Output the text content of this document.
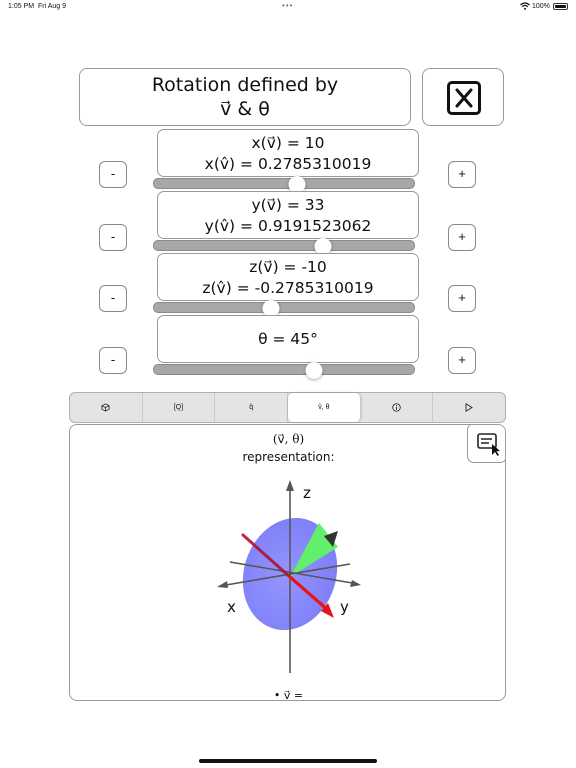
1:05 PM Fri Aug 9	•••	100%
Rotation defined by
v⃗ & θ
x(v⃗) = 10
x(v̂) = 0.2785310019
-	+
y(v⃗) = 33
y(v̂) = 0.9191523062
-	+
z(v⃗) = -10
z(v̂) = -0.2785310019
-	+
θ = 45°
-	+
[Q]	q̂	v̂, θ
(v⃗, θ)
representation:
z
x	y
• v⃗ =
